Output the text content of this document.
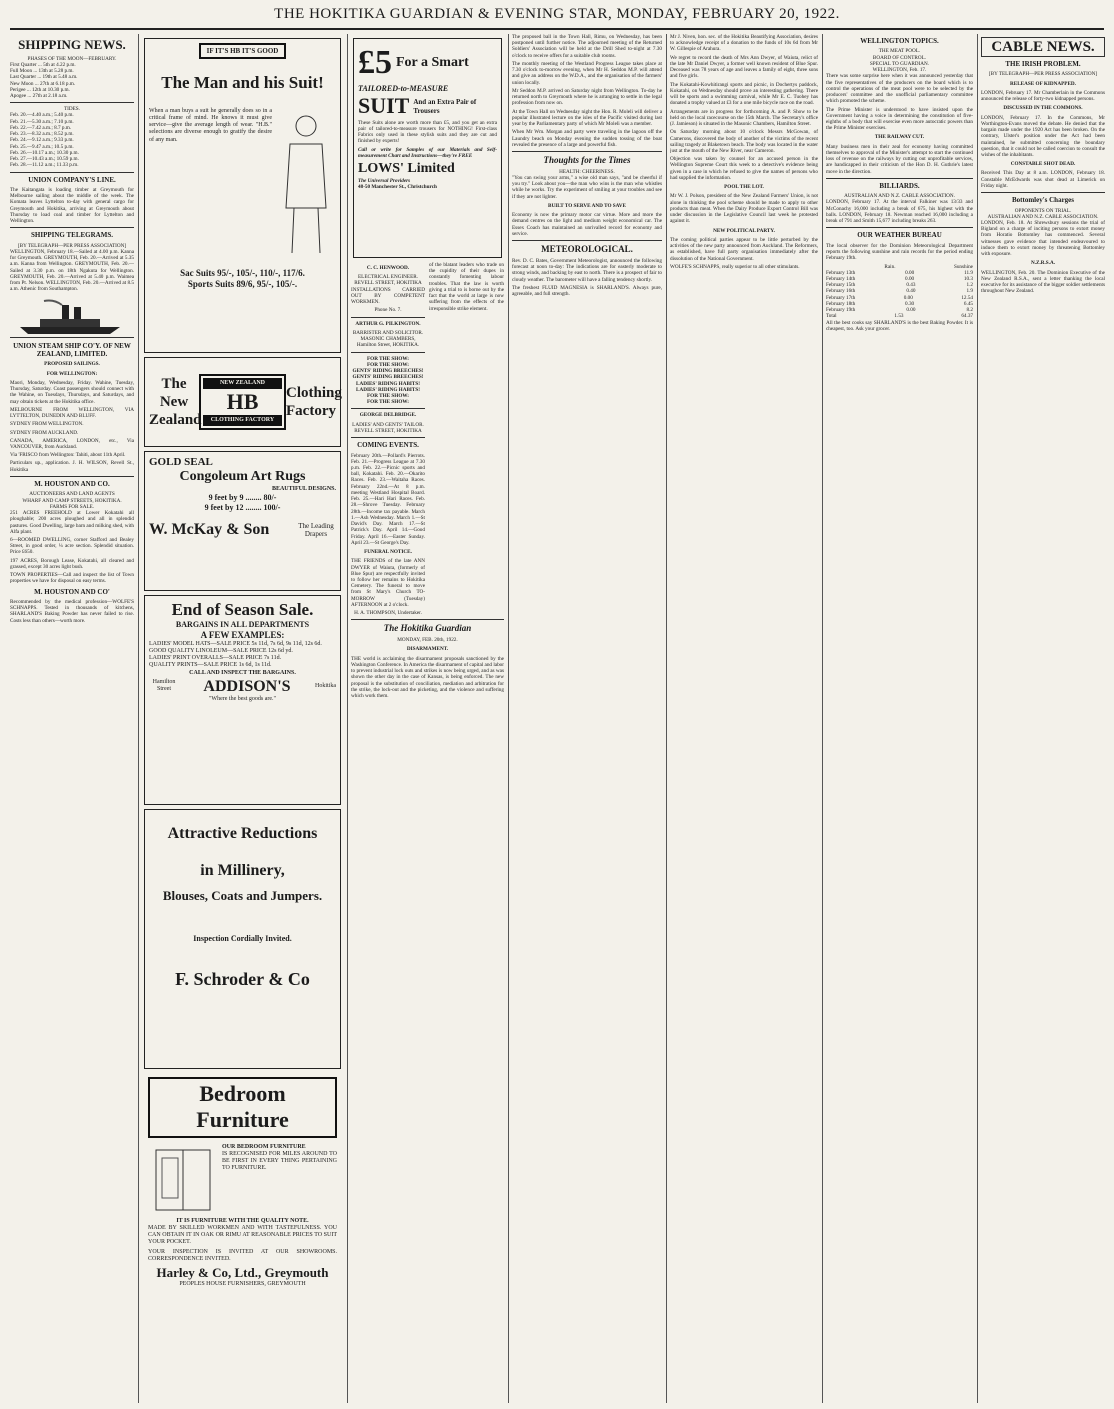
THE HOKITIKA GUARDIAN & EVENING STAR, MONDAY, FEBRUARY 20, 1922.
SHIPPING NEWS.
PHASES OF THE MOON—FEBRUARY.
First Quarter ... 5th at 4.22 p.m.
Full Moon ... 13th at 5.28 p.m.
Last Quarter ... 19th at 5.48 a.m.
New Moon ... 27th at 6.18 p.m.
Perigee ... 12th at 10.30 p.m.
Apogee ... 27th at 2.18 a.m.
TIDES.
Feb. 20.—4.40 a.m.; 5.40 p.m.
Feb. 21.—5.30 a.m.; 7.10 p.m.
Feb. 22.—7.42 a.m.; 8.7 p.m.
Feb. 23.—8.32 a.m.; 8.52 p.m.
Feb. 24.—9.12 a.m.; 9.33 p.m.
Feb. 25.—9.47 a.m.; 10.5 p.m.
Feb. 26.—10.17 a.m.; 10.30 p.m.
Feb. 27.—10.43 a.m.; 10.59 p.m.
Feb. 28.—11.12 a.m.; 11.33 p.m.
UNION COMPANY'S LINE.

The Kaitangata is loading timber at Greymouth for Melbourne sailing about the middle of the week. The Komata leaves Lyttelton to-day with general cargo for Greymouth and Hokitika, arriving at Greymouth about Thursday to load coal and timber for Lyttelton and Wellington.

SHIPPING TELEGRAMS.
[BY TELEGRAPH—PER PRESS ASSOCIATION]

WELLINGTON, February 18.—Sailed at 4.00 p.m. Kanna for Greymouth. GREYMOUTH, Feb. 20.—Arrived at 5.35 a.m. Kanna from Wellington. GREYMOUTH, Feb. 20.—Sailed at 3.30 p.m. on 18th Ngakuta for Wellington. GREYMOUTH, Feb. 20.—Arrived at 5.40 p.m. Waimea from Pt. Nelson. WELLINGTON, Feb. 20.—Arrived at 8.5 a.m. Athenic from Southampton.

UNION STEAM SHIP CO'Y. OF NEW ZEALAND, LIMITED.
PROPOSED SAILINGS.
FOR WELLINGTON:

Maori, Monday, Wednesday, Friday. Wahine, Tuesday, Thursday, Saturday. Coast passengers should connect with the Wahine, on Tuesdays, Thursdays, and Saturdays, and may obtain tickets at the Hokitika office.

MELBOURNE FROM WELLINGTON, VIA LYTTELTON, DUNEDIN AND BLUFF.

SYDNEY FROM WELLINGTON.

SYDNEY FROM AUCKLAND.

CANADA, AMERICA, LONDON, etc., Via VANCOUVER, from Auckland.

Via 'FRISCO from Wellington: Tahiti, about 11th April.

Particulars up., application. J. H. WILSON, Revell St., Hokitika

M. HOUSTON AND CO.
AUCTIONEERS AND LAND AGENTS
WHARF AND CAMP STREETS, HOKITIKA.
FARMS FOR SALE.

251 ACRES FREEHOLD at Lower Kokatahi all ploughable; 200 acres ploughed and all in splendid pastures. Good Dwelling, large barn and milking shed, with Alfa plant.

6—ROOMED DWELLING, corner Stafford and Bealey Street, in good order, ¼ acre section. Splendid situation. Price £650.

197 ACRES, Borough Lease, Kokatahi, all cleared and grassed, except 30 acres light bush.

TOWN PROPERTIES—Call and inspect the list of Town properties we have for disposal on easy terms.

M. HOUSTON AND CO'

Recommended by the medical profession—WOLFE'S SCHNAPPS. Tested in thousands of kitchens, SHARLAND'S Baking Powder has never failed to rise. Costs less than others—worth more.

IF IT'S HB IT'S GOOD
The Man and his Suit!

When a man buys a suit he generally does so in a critical frame of mind. He knows it must give service—give the average length of wear. "H.B." selections are diverse enough to gratify the desire of any man.

Sac Suits 95/-, 105/-, 110/-, 117/6.
Sports Suits 89/6, 95/-, 105/-.
The New Zealand
NEW ZEALAND
HB
CLOTHING FACTORY
Clothing Factory
GOLD SEAL
Congoleum Art Rugs
BEAUTIFUL DESIGNS.
9 feet by 9 ........ 80/-
9 feet by 12 ........ 100/-
W. McKay & Son	The Leading Drapers
End of Season Sale.
BARGAINS IN ALL DEPARTMENTS
A FEW EXAMPLES:
LADIES' MODEL HATS—SALE PRICE 5s 11d, 7s 6d, 9s 11d, 12s 6d.
GOOD QUALITY LINOLEUM—SALE PRICE 12s 6d yd.
LADIES' PRINT OVERALLS—SALE PRICE 7s 11d.
QUALITY PRINTS—SALE PRICE 1s 6d, 1s 11d.
CALL AND INSPECT THE BARGAINS.
Hamilton Street	ADDISON'S	Hokitika
"Where the best goods are."
Attractive Reductions
in Millinery,
Blouses, Coats and Jumpers.
Inspection Cordially Invited.
F. Schroder & Co
Bedroom Furniture
OUR BEDROOM FURNITURE

IS RECOGNISED FOR MILES AROUND TO BE FIRST IN EVERY THING PERTAINING TO FURNITURE.

IT IS FURNITURE WITH THE QUALITY NOTE.

MADE BY SKILLED WORKMEN AND WITH TASTEFULNESS. YOU CAN OBTAIN IT IN OAK OR RIMU AT REASONABLE PRICES TO SUIT YOUR POCKET.

YOUR INSPECTION IS INVITED AT OUR SHOWROOMS. CORRESPONDENCE INVITED.

Harley & Co, Ltd., Greymouth
PEOPLES HOUSE FURNISHERS, GREYMOUTH
£5 For a Smart
TAILORED-to-MEASURE
SUIT And an Extra Pair of Trousers

These Suits alone are worth more than £5, and you get an extra pair of tailored-to-measure trousers for NOTHING! First-class Fabrics only used in these stylish suits and they are cut and finished by experts!

Call or write for Samples of our Materials and Self-measurement Chart and Instructions—they're FREE

LOWS' Limited
The Universal Providers
48-50 Manchester St., Christchurch
C. C. HENWOOD.
ELECTRICAL ENGINEER.
REVELL STREET, HOKITIKA

INSTALLATIONS CARRIED OUT BY COMPETENT WORKMEN.

Phone No. 7.
ARTHUR G. PILKINGTON.
BARRISTER AND SOLICITOR.
MASONIC CHAMBERS, Hamilton Street, HOKITIKA.
FOR THE SHOW:
FOR THE SHOW:
GENTS' RIDING BREECHES!
GENTS' RIDING BREECHES!
LADIES' RIDING HABITS!
LADIES' RIDING HABITS!
FOR THE SHOW:
FOR THE SHOW:
GEORGE DELBRIDGE.
LADIES' AND GENTS' TAILOR.
REVELL STREET, HOKITIKA
COMING EVENTS.

February 20th.—Pollard's Pierrots. Feb. 21.—Progress League at 7.30 p.m. Feb. 22.—Picnic sports and ball, Kokatahi. Feb. 20.—Okarito Races. Feb. 23.—Waitaha Races. February 22nd.—At 8 p.m. meeting Westland Hospital Board. Feb. 25.—Hari Hari Races. Feb. 28.—Shrove Tuesday. February 28th.—Income tax payable. March 1.—Ash Wednesday. March 1.—St David's Day. March 17.—St Patrick's Day. April 14.—Good Friday. April 16.—Easter Sunday. April 23.—St George's Day.

FUNERAL NOTICE.

THE FRIENDS of the late ANN DWYER of Waiuta, (formerly of Blue Spur) are respectfully invited to follow her remains to Hokitika Cemetery. The funeral to move from St Mary's Church TO-MORROW (Tuesday) AFTERNOON at 2 o'clock.

H. A. THOMPSON, Undertaker.

of the blatant leaders who trade on the cupidity of their dupes in constantly fomenting labour troubles. That the law is worth giving a trial to is borne out by the fact that the world at large is now suffering from the effects of the irresponsible strike element.

The Hokitika Guardian
MONDAY, FEB. 20th, 1922.
DISARMAMENT.

THE world is acclaiming the disarmament proposals sanctioned by the Washington Conference. In America the disarmament of capital and labor to prevent industrial lock outs and strikes is now being urged, and as was shown the other day in the case of Kansas, is being enforced. The new proposal is the substitution of conciliation, mediation and arbitration for the strike, the lock-out and the picketing, and the violence and suffering which work them.

The proposed ball in the Town Hall, Rimu, on Wednesday, has been postponed until further notice. The adjourned meeting of the Returned Soldiers' Association will be held at the Drill Shed to-night at 7.30 o'clock to receive offers for a suitable club rooms.

The monthly meeting of the Westland Progress League takes place at 7.30 o'clock to-morrow evening, when Mr H. Seddon M.P. will attend and give an address on the W.D.A., and the organisation of the farmers' union locally.

Mr Seddon M.P. arrived on Saturday night from Wellington. To-day he returned north to Greymouth where he is arranging to settle in the legal profession from now on.

At the Town Hall on Wednesday night the Hon. R. Moleli will deliver a popular illustrated lecture on the isles of the Pacific visited during last year by the Parliamentary party of which Mr Moleli was a member.

When Mr Wm. Morgan and party were traveling in the lagoon off the Laundry beach on Monday evening the sudden tossing of the boat revealed the presence of a large and powerful fish.

Thoughts for the Times
HEALTH: CHEERINESS.

"You can swing your arms," a wise old man says, "and be cheerful if you try." Look about you—the man who wins is the man who whistles while he works. Try the experiment of smiling at your troubles and see if they are not lighter.

BUILT TO SERVE AND TO SAVE

Economy is now the primary motor car virtue. More and more the demand centres on the light and medium weight economical car. The Essex Coach has maintained an unrivalled record for economy and service.

METEOROLOGICAL.

Rev. D. C. Bates, Government Meteorologist, announced the following forecast at noon to-day: The indications are for easterly moderate to strong winds, and backing by east to north. There is a prospect of fair to cloudy weather. The barometer will have a falling tendency shortly.

The freshest FLUID MAGNESIA is SHARLAND'S. Always pure, agreeable, and full strength.

Mr J. Niven, hon. sec. of the Hokitika Beautifying Association, desires to acknowledge receipt of a donation to the funds of 10s 6d from Mr W. Gillespie of Arahura.

We regret to record the death of Mrs Ann Dwyer, of Waiuta, relict of the late Mr Daniel Dwyer, a former well known resident of Blue Spur. Deceased was 78 years of age and leaves a family of eight, three sons and five girls.

The Kokatahi-Kowhitirangi sports and picnic, in Dochertys paddock, Kokatahi, on Wednesday should prove an interesting gathering. There will be sports and a swimming carnival, while Mr E. C. Tuohey has donated a trophy valued at £3 for a one mile bicycle race on the road.

Arrangements are in progress for forthcoming A. and P. Show to be held on the local racecourse on the 15th March. The Secretary's office (J. Jamieson) is situated in the Masonic Chambers, Hamilton Street.

On Saturday morning about 10 o'clock Messrs McGowan, of Camerons, discovered the body of another of the victims of the recent sailing tragedy at Blaketown beach. The body was located in the water just at the mouth of the New River, near Cameron.

Objection was taken by counsel for an accused person in the Wellington Supreme Court this week to a detective's evidence being given in a case in which he refused to give the names of persons who had supplied the information.

POOL THE LOT.

Mr W. J. Polson, president of the New Zealand Farmers' Union, is not alone in thinking the pool scheme should be made to apply to other products than meat. When the Dairy Produce Export Control Bill was under discussion in the Legislative Council last week he protested against it.

NEW POLITICAL PARTY.

The coming political parties appear to be little perturbed by the activities of the new party announced from Auckland. The Reformers, as established, have full party organisation immediately after the dissolution of the National Government.

WOLFE'S SCHNAPPS, really superior to all other stimulants.

WELLINGTON TOPICS.
THE MEAT POOL.
BOARD OF CONTROL.
SPECIAL TO GUARDIAN.
WELLINGTON, Feb. 17.

There was some surprise here when it was announced yesterday that the five representatives of the producers on the board which is to control the operations of the meat pool were to be selected by the producers' committee and the unofficial parliamentary committee which promoted the scheme.

The Prime Minister is understood to have insisted upon the Government having a voice in determining the constitution of five-eighths of a body that will exercise even more autocratic powers than the Prime Minister exercises.

THE RAILWAY CUT.

Many business men in their zeal for economy having committed themselves to approval of the Minister's attempt to start the continued loss of revenue on the railways by cutting out unprofitable services, are handicapped in their criticism of the Hon D. H. Guthrie's latest move in the direction.

BILLIARDS.
AUSTRALIAN AND N.Z. CABLE ASSOCIATION.

LONDON, February 17. At the interval Falkiner was 13/33 and McConachy 16,000 including a break of 675, his highest with the balls. LONDON, February 18. Newman reached 16,000 including a break of 791 and Smith 15,677 including breaks 263.

OUR WEATHER BUREAU

The local observer for the Dominion Meteorological Department reports the following sunshine and rain records for the period ending February 19th.

Rain.	Sunshine
February 13th	0.00	11.9
February 14th	0.00	10.3
February 15th	0.43	1.2
February 16th	0.40	1.9
February 17th	0.00	12.54
February 18th	0.30	6.45
February 19th	0.00	8.2
Total	1.53	64.37

All the best cooks say SHARLAND'S is the best Baking Powder. It is cheapest, too. Ask your grocer.

CABLE NEWS.
THE IRISH PROBLEM.
[BY TELEGRAPH—PER PRESS ASSOCIATION]
RELEASE OF KIDNAPPED.

LONDON, February 17. Mr Chamberlain in the Commons announced the release of forty-two kidnapped persons.

DISCUSSED IN THE COMMONS.

LONDON, February 17. In the Commons, Mr Worthington-Evans moved the debate. He denied that the bargain made under the 1920 Act has been broken. On the contrary, Ulster's position under the Act had been maintained, he submitted concerning the boundary question, that it could not be called coercion to consult the wishes of the inhabitants.

CONSTABLE SHOT DEAD.

Received This Day at 8 a.m. LONDON, February 18. Constable McEdwards was shot dead at Limerick on Friday night.

Bottomley's Charges
OPPONENTS ON TRIAL.
AUSTRALIAN AND N.Z. CABLE ASSOCIATION.

LONDON, Feb. 18. At Shrewsbury sessions the trial of Bigland on a charge of inciting persons to extort money from Horatio Bottomley has commenced. Several witnesses gave evidence that intended endeavoured to induce them to extort money by threatening Bottomley with exposure.

N.Z.R.S.A.

WELLINGTON, Feb. 20. The Dominion Executive of the New Zealand R.S.A., sent a letter thanking the local executive for its assistance of the bigger soldier settlements throughout New Zealand.
